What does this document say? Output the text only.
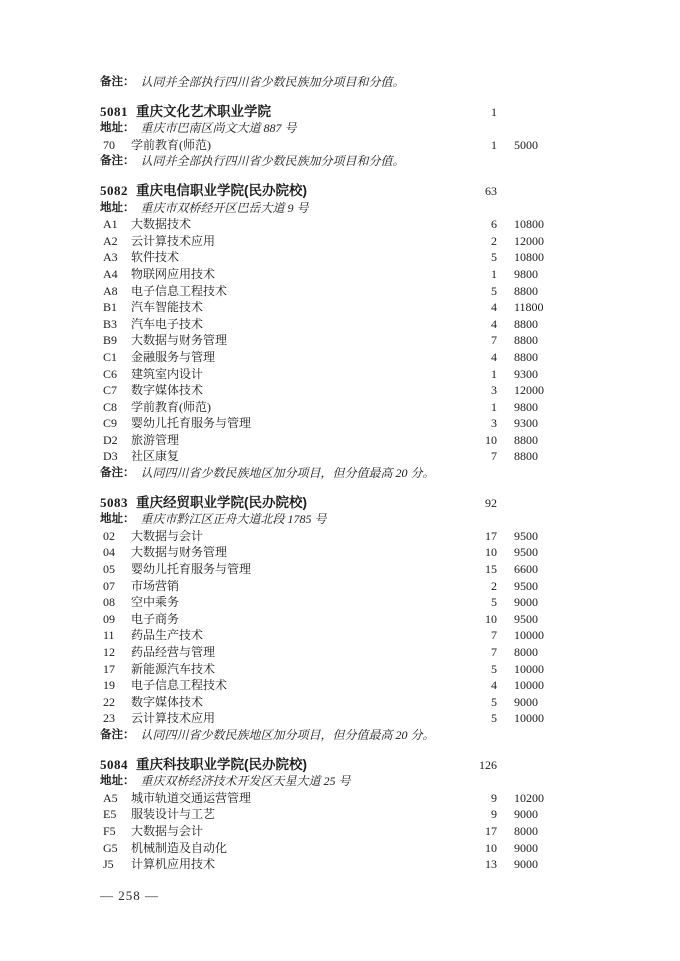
备注： 认同并全部执行四川省少数民族加分项目和分值。
5081 重庆文化艺术职业学院	1
地址： 重庆市巴南区尚文大道 887 号
70	学前教育(师范)	1 5000
备注： 认同并全部执行四川省少数民族加分项目和分值。
5082 重庆电信职业学院(民办院校)	63
地址： 重庆市双桥经开区巴岳大道 9 号
A1	大数据技术	6 10800
A2	云计算技术应用	2 12000
A3	软件技术	5 10800
A4	物联网应用技术	1 9800
A8	电子信息工程技术	5 8800
B1	汽车智能技术	4 11800
B3	汽车电子技术	4 8800
B9	大数据与财务管理	7 8800
C1	金融服务与管理	4 8800
C6	建筑室内设计	1 9300
C7	数字媒体技术	3 12000
C8	学前教育(师范)	1 9800
C9	婴幼儿托育服务与管理	3 9300
D2	旅游管理	10 8800
D3	社区康复	7 8800
备注： 认同四川省少数民族地区加分项目，但分值最高 20 分。
5083 重庆经贸职业学院(民办院校)	92
地址： 重庆市黔江区正舟大道北段 1785 号
02	大数据与会计	17 9500
04	大数据与财务管理	10 9500
05	婴幼儿托育服务与管理	15 6600
07	市场营销	2 9500
08	空中乘务	5 9000
09	电子商务	10 9500
11	药品生产技术	7 10000
12	药品经营与管理	7 8000
17	新能源汽车技术	5 10000
19	电子信息工程技术	4 10000
22	数字媒体技术	5 9000
23	云计算技术应用	5 10000
备注： 认同四川省少数民族地区加分项目，但分值最高 20 分。
5084 重庆科技职业学院(民办院校)	126
地址： 重庆双桥经济技术开发区天星大道 25 号
A5	城市轨道交通运营管理	9 10200
E5	服装设计与工艺	9 9000
F5	大数据与会计	17 8000
G5	机械制造及自动化	10 9000
J5	计算机应用技术	13 9000
— 258 —
